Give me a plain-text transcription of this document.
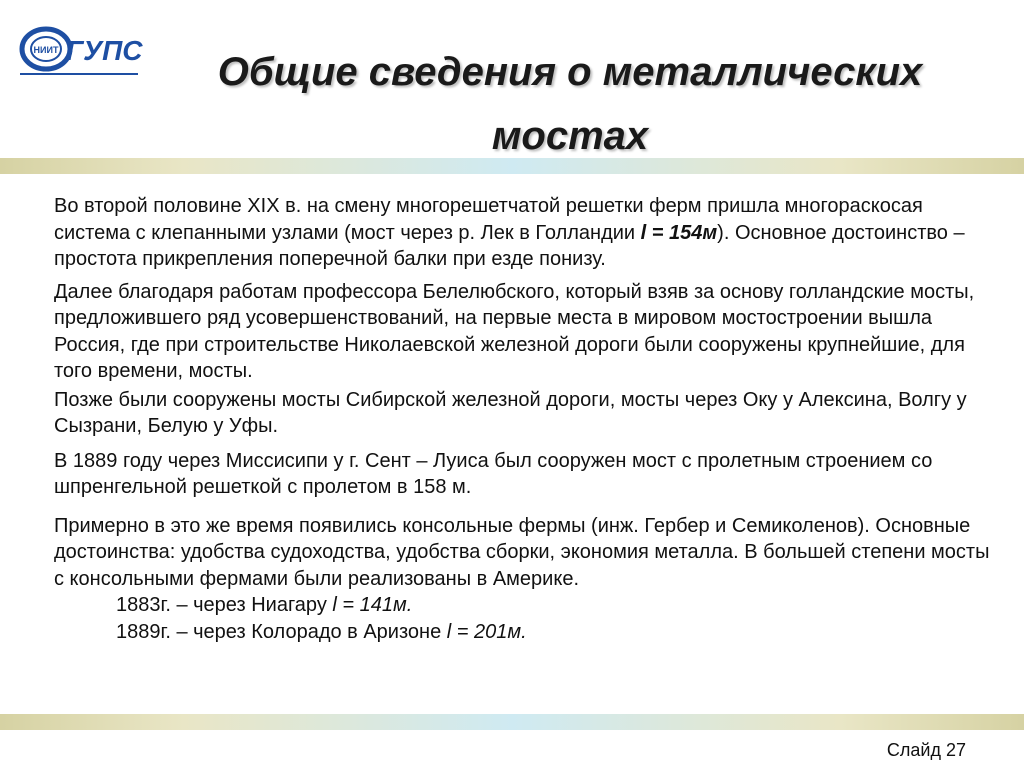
НИИТ ГУПС	Общие сведения о металлических мостах

Во второй половине XIX в. на смену многорешетчатой решетки ферм пришла многораскосая система с клепанными узлами (мост через р. Лек в Голландии l = 154м). Основное достоинство – простота прикрепления поперечной балки при езде понизу.

Далее благодаря работам профессора Белелюбского, который взяв за основу голландские мосты, предложившего ряд усовершенствований, на первые места в мировом мостостроении вышла Россия, где при строительстве Николаевской железной дороги были сооружены крупнейшие, для того времени, мосты.

Позже были сооружены мосты Сибирской железной дороги, мосты через Оку у Алексина, Волгу у Сызрани, Белую у Уфы.

В 1889 году через Миссисипи у г. Сент – Луиса был сооружен мост с пролетным строением со шпренгельной решеткой с пролетом в 158 м.

Примерно в это же время появились консольные фермы (инж. Гербер и Семиколенов). Основные достоинства: удобства судоходства, удобства сборки, экономия металла. В большей степени мосты с консольными фермами были реализованы в Америке.

1883г. – через Ниагару l = 141м.

1889г. – через Колорадо в Аризоне l = 201м.

Слайд 27
